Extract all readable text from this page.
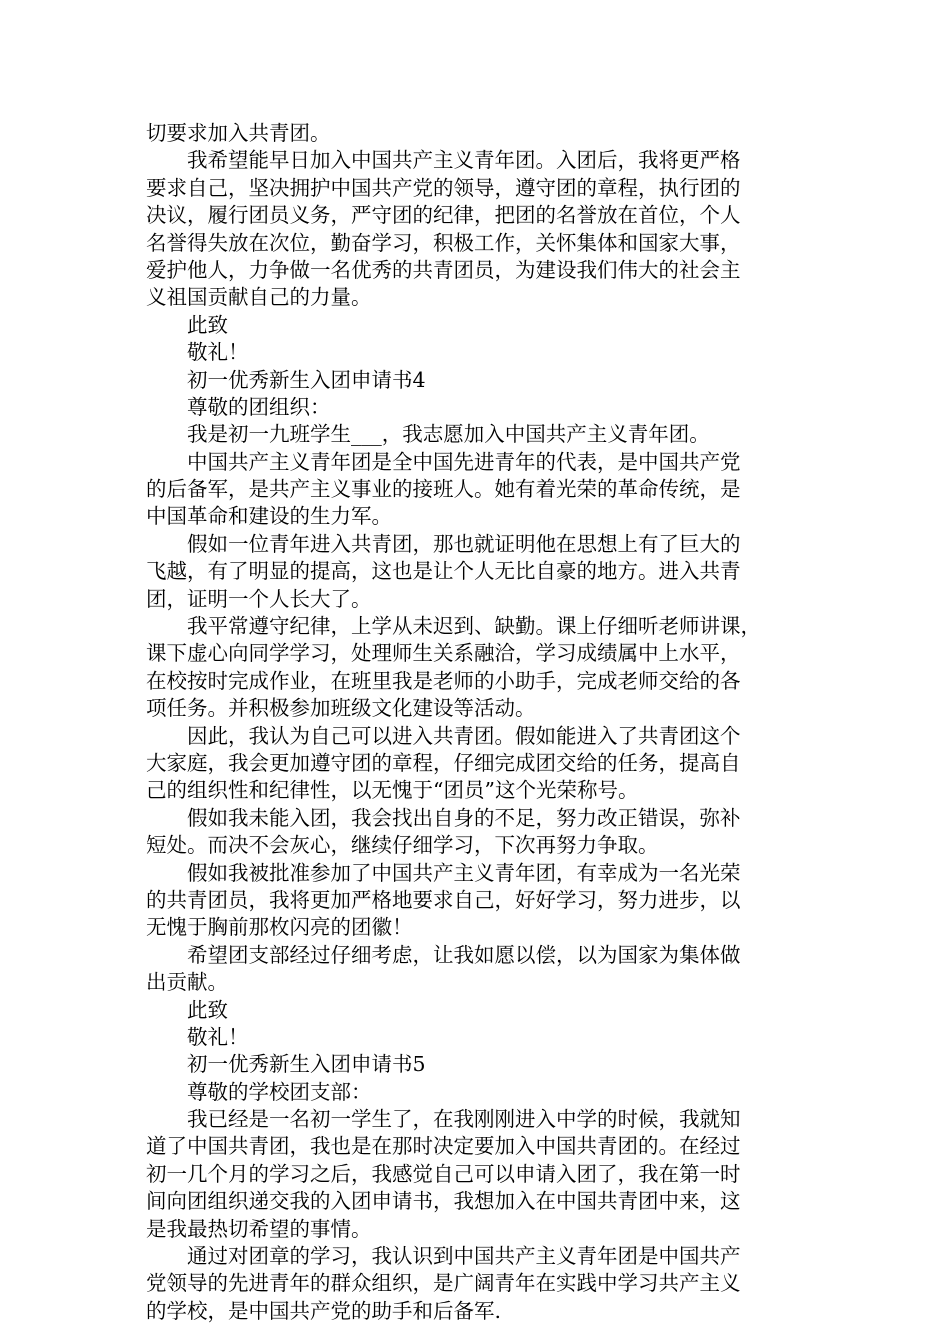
切要求加入共青团。
　　我希望能早日加入中国共产主义青年团。入团后，我将更严格
要求自己，坚决拥护中国共产党的领导，遵守团的章程，执行团的
决议，履行团员义务，严守团的纪律，把团的名誉放在首位，个人
名誉得失放在次位，勤奋学习，积极工作，关怀集体和国家大事，
爱护他人，力争做一名优秀的共青团员，为建设我们伟大的社会主
义祖国贡献自己的力量。
　　此致
　　敬礼！
　　初一优秀新生入团申请书4
　　尊敬的团组织：
　　我是初一九班学生___，我志愿加入中国共产主义青年团。
　　中国共产主义青年团是全中国先进青年的代表，是中国共产党
的后备军，是共产主义事业的接班人。她有着光荣的革命传统，是
中国革命和建设的生力军。
　　假如一位青年进入共青团，那也就证明他在思想上有了巨大的
飞越，有了明显的提高，这也是让个人无比自豪的地方。进入共青
团，证明一个人长大了。
　　我平常遵守纪律，上学从未迟到、缺勤。课上仔细听老师讲课，
课下虚心向同学学习，处理师生关系融洽，学习成绩属中上水平，
在校按时完成作业，在班里我是老师的小助手，完成老师交给的各
项任务。并积极参加班级文化建设等活动。
　　因此，我认为自己可以进入共青团。假如能进入了共青团这个
大家庭，我会更加遵守团的章程，仔细完成团交给的任务，提高自
己的组织性和纪律性，以无愧于“团员”这个光荣称号。
　　假如我未能入团，我会找出自身的不足，努力改正错误，弥补
短处。而决不会灰心，继续仔细学习，下次再努力争取。
　　假如我被批准参加了中国共产主义青年团，有幸成为一名光荣
的共青团员，我将更加严格地要求自己，好好学习，努力进步，以
无愧于胸前那枚闪亮的团徽！
　　希望团支部经过仔细考虑，让我如愿以偿，以为国家为集体做
出贡献。
　　此致
　　敬礼！
　　初一优秀新生入团申请书5
　　尊敬的学校团支部：
　　我已经是一名初一学生了，在我刚刚进入中学的时候，我就知
道了中国共青团，我也是在那时决定要加入中国共青团的。在经过
初一几个月的学习之后，我感觉自己可以申请入团了，我在第一时
间向团组织递交我的入团申请书，我想加入在中国共青团中来，这
是我最热切希望的事情。
　　通过对团章的学习，我认识到中国共产主义青年团是中国共产
党领导的先进青年的群众组织，是广阔青年在实践中学习共产主义
的学校，是中国共产党的助手和后备军.
